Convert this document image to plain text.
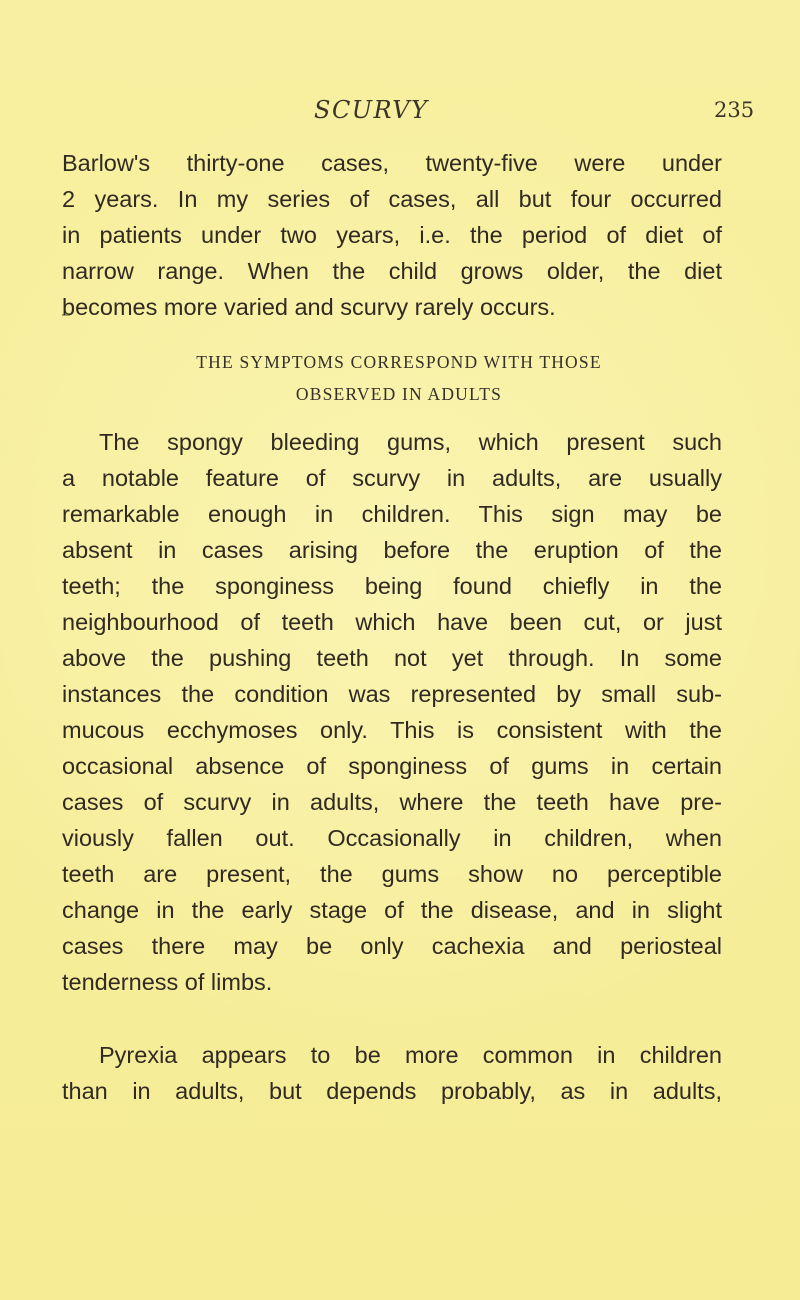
SCURVY	235
Barlow's thirty-one cases, twenty-five were under
2 years. In my series of cases, all but four occurred
in patients under two years, i.e. the period of diet of
narrow range. When the child grows older, the diet
becomes more varied and scurvy rarely occurs.
THE SYMPTOMS CORRESPOND WITH THOSE
OBSERVED IN ADULTS
The spongy bleeding gums, which present such
a notable feature of scurvy in adults, are usually
remarkable enough in children. This sign may be
absent in cases arising before the eruption of the
teeth; the sponginess being found chiefly in the
neighbourhood of teeth which have been cut, or just
above the pushing teeth not yet through. In some
instances the condition was represented by small sub-
mucous ecchymoses only. This is consistent with the
occasional absence of sponginess of gums in certain
cases of scurvy in adults, where the teeth have pre-
viously fallen out. Occasionally in children, when
teeth are present, the gums show no perceptible
change in the early stage of the disease, and in slight
cases there may be only cachexia and periosteal
tenderness of limbs.
Pyrexia appears to be more common in children
than in adults, but depends probably, as in adults,
